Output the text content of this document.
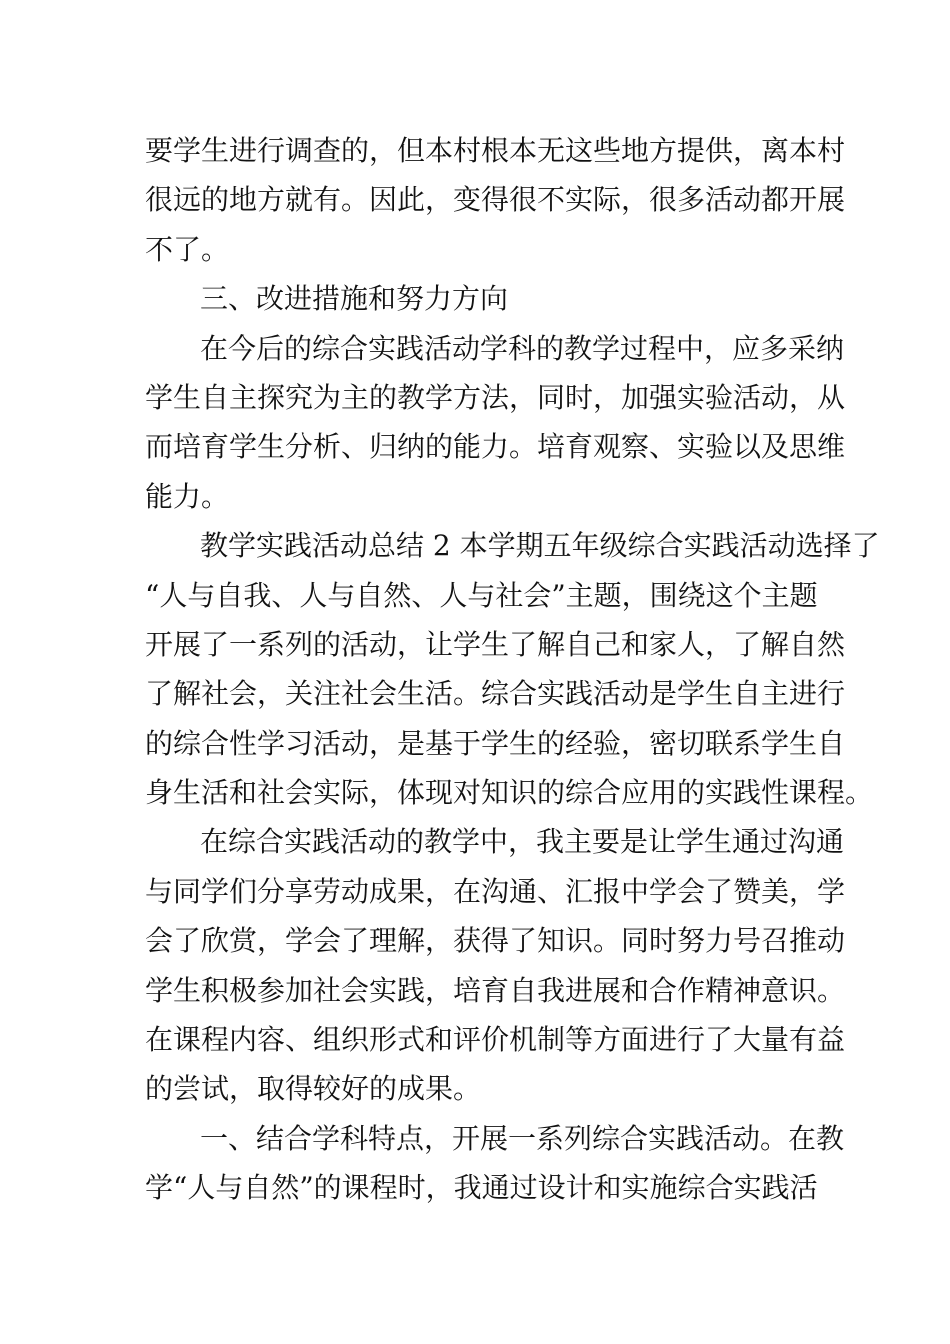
要学生进行调查的，但本村根本无这些地方提供，离本村
很远的地方就有。因此，变得很不实际，很多活动都开展
不了。
三、改进措施和努力方向
在今后的综合实践活动学科的教学过程中，应多采纳
学生自主探究为主的教学方法，同时，加强实验活动，从
而培育学生分析、归纳的能力。培育观察、实验以及思维
能力。
教学实践活动总结 2 本学期五年级综合实践活动选择了
“人与自我、人与自然、人与社会”主题，围绕这个主题
开展了一系列的活动，让学生了解自己和家人，了解自然
了解社会，关注社会生活。综合实践活动是学生自主进行
的综合性学习活动，是基于学生的经验，密切联系学生自
身生活和社会实际，体现对知识的综合应用的实践性课程。
在综合实践活动的教学中，我主要是让学生通过沟通
与同学们分享劳动成果，在沟通、汇报中学会了赞美，学
会了欣赏，学会了理解，获得了知识。同时努力号召推动
学生积极参加社会实践，培育自我进展和合作精神意识。
在课程内容、组织形式和评价机制等方面进行了大量有益
的尝试，取得较好的成果。
一、结合学科特点，开展一系列综合实践活动。在教
学“人与自然”的课程时，我通过设计和实施综合实践活
